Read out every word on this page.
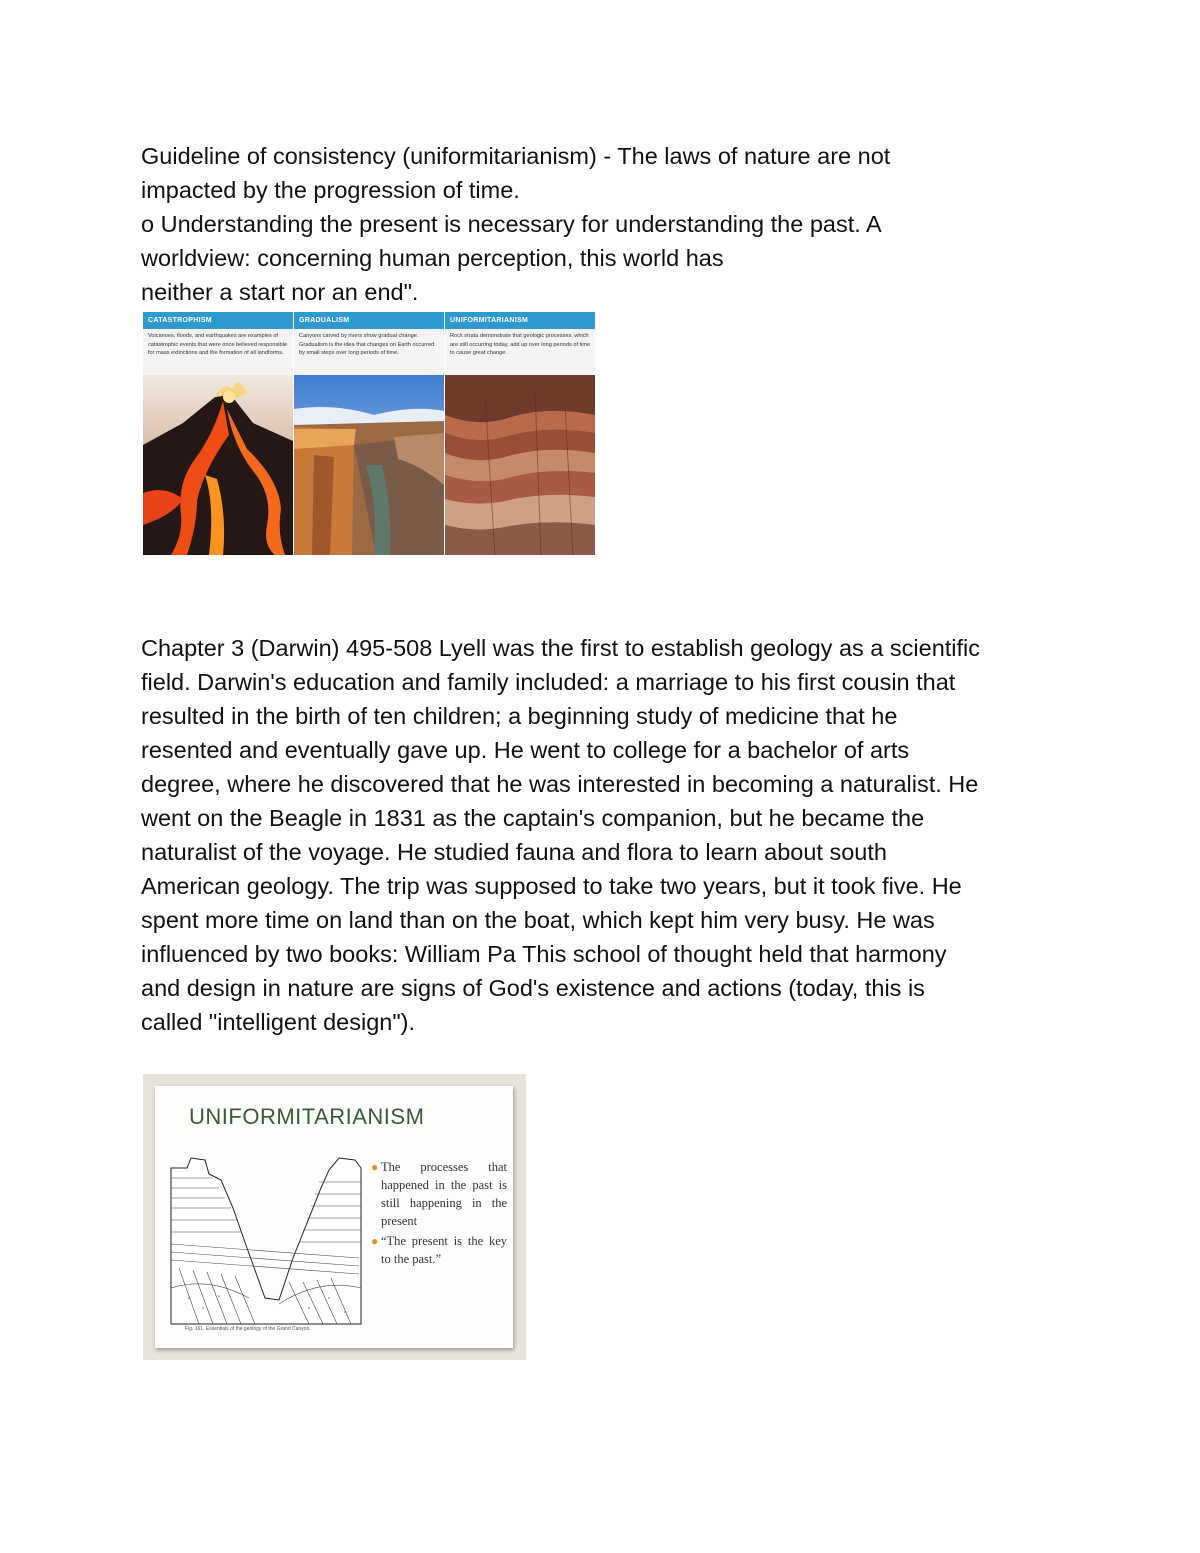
Guideline of consistency (uniformitarianism) - The laws of nature are not
impacted by the progression of time.
o Understanding the present is necessary for understanding the past. A
worldview: concerning human perception, this world has
neither a start nor an end".
CATASTROPHISM
Volcanoes, floods, and earthquakes are examples of catastrophic events that were once believed responsible for mass extinctions and the formation of all landforms.
GRADUALISM
Canyons carved by rivers show gradual change. Gradualism is the idea that changes on Earth occurred by small steps over long periods of time.
UNIFORMITARIANISM
Rock strata demonstrate that geologic processes, which are still occurring today, add up over long periods of time to cause great change.
Chapter 3 (Darwin) 495-508 Lyell was the first to establish geology as a scientific
field. Darwin's education and family included: a marriage to his first cousin that
resulted in the birth of ten children; a beginning study of medicine that he
resented and eventually gave up. He went to college for a bachelor of arts
degree, where he discovered that he was interested in becoming a naturalist. He
went on the Beagle in 1831 as the captain's companion, but he became the
naturalist of the voyage. He studied fauna and flora to learn about south
American geology. The trip was supposed to take two years, but it took five. He
spent more time on land than on the boat, which kept him very busy. He was
influenced by two books: William Pa This school of thought held that harmony
and design in nature are signs of God's existence and actions (today, this is
called "intelligent design").
UNIFORMITARIANISM
● The processes that happened in the past is still happening in the present
● “The present is the key to the past.”
Fig. 161. Essentials of the geology of the Grand Canyon.
